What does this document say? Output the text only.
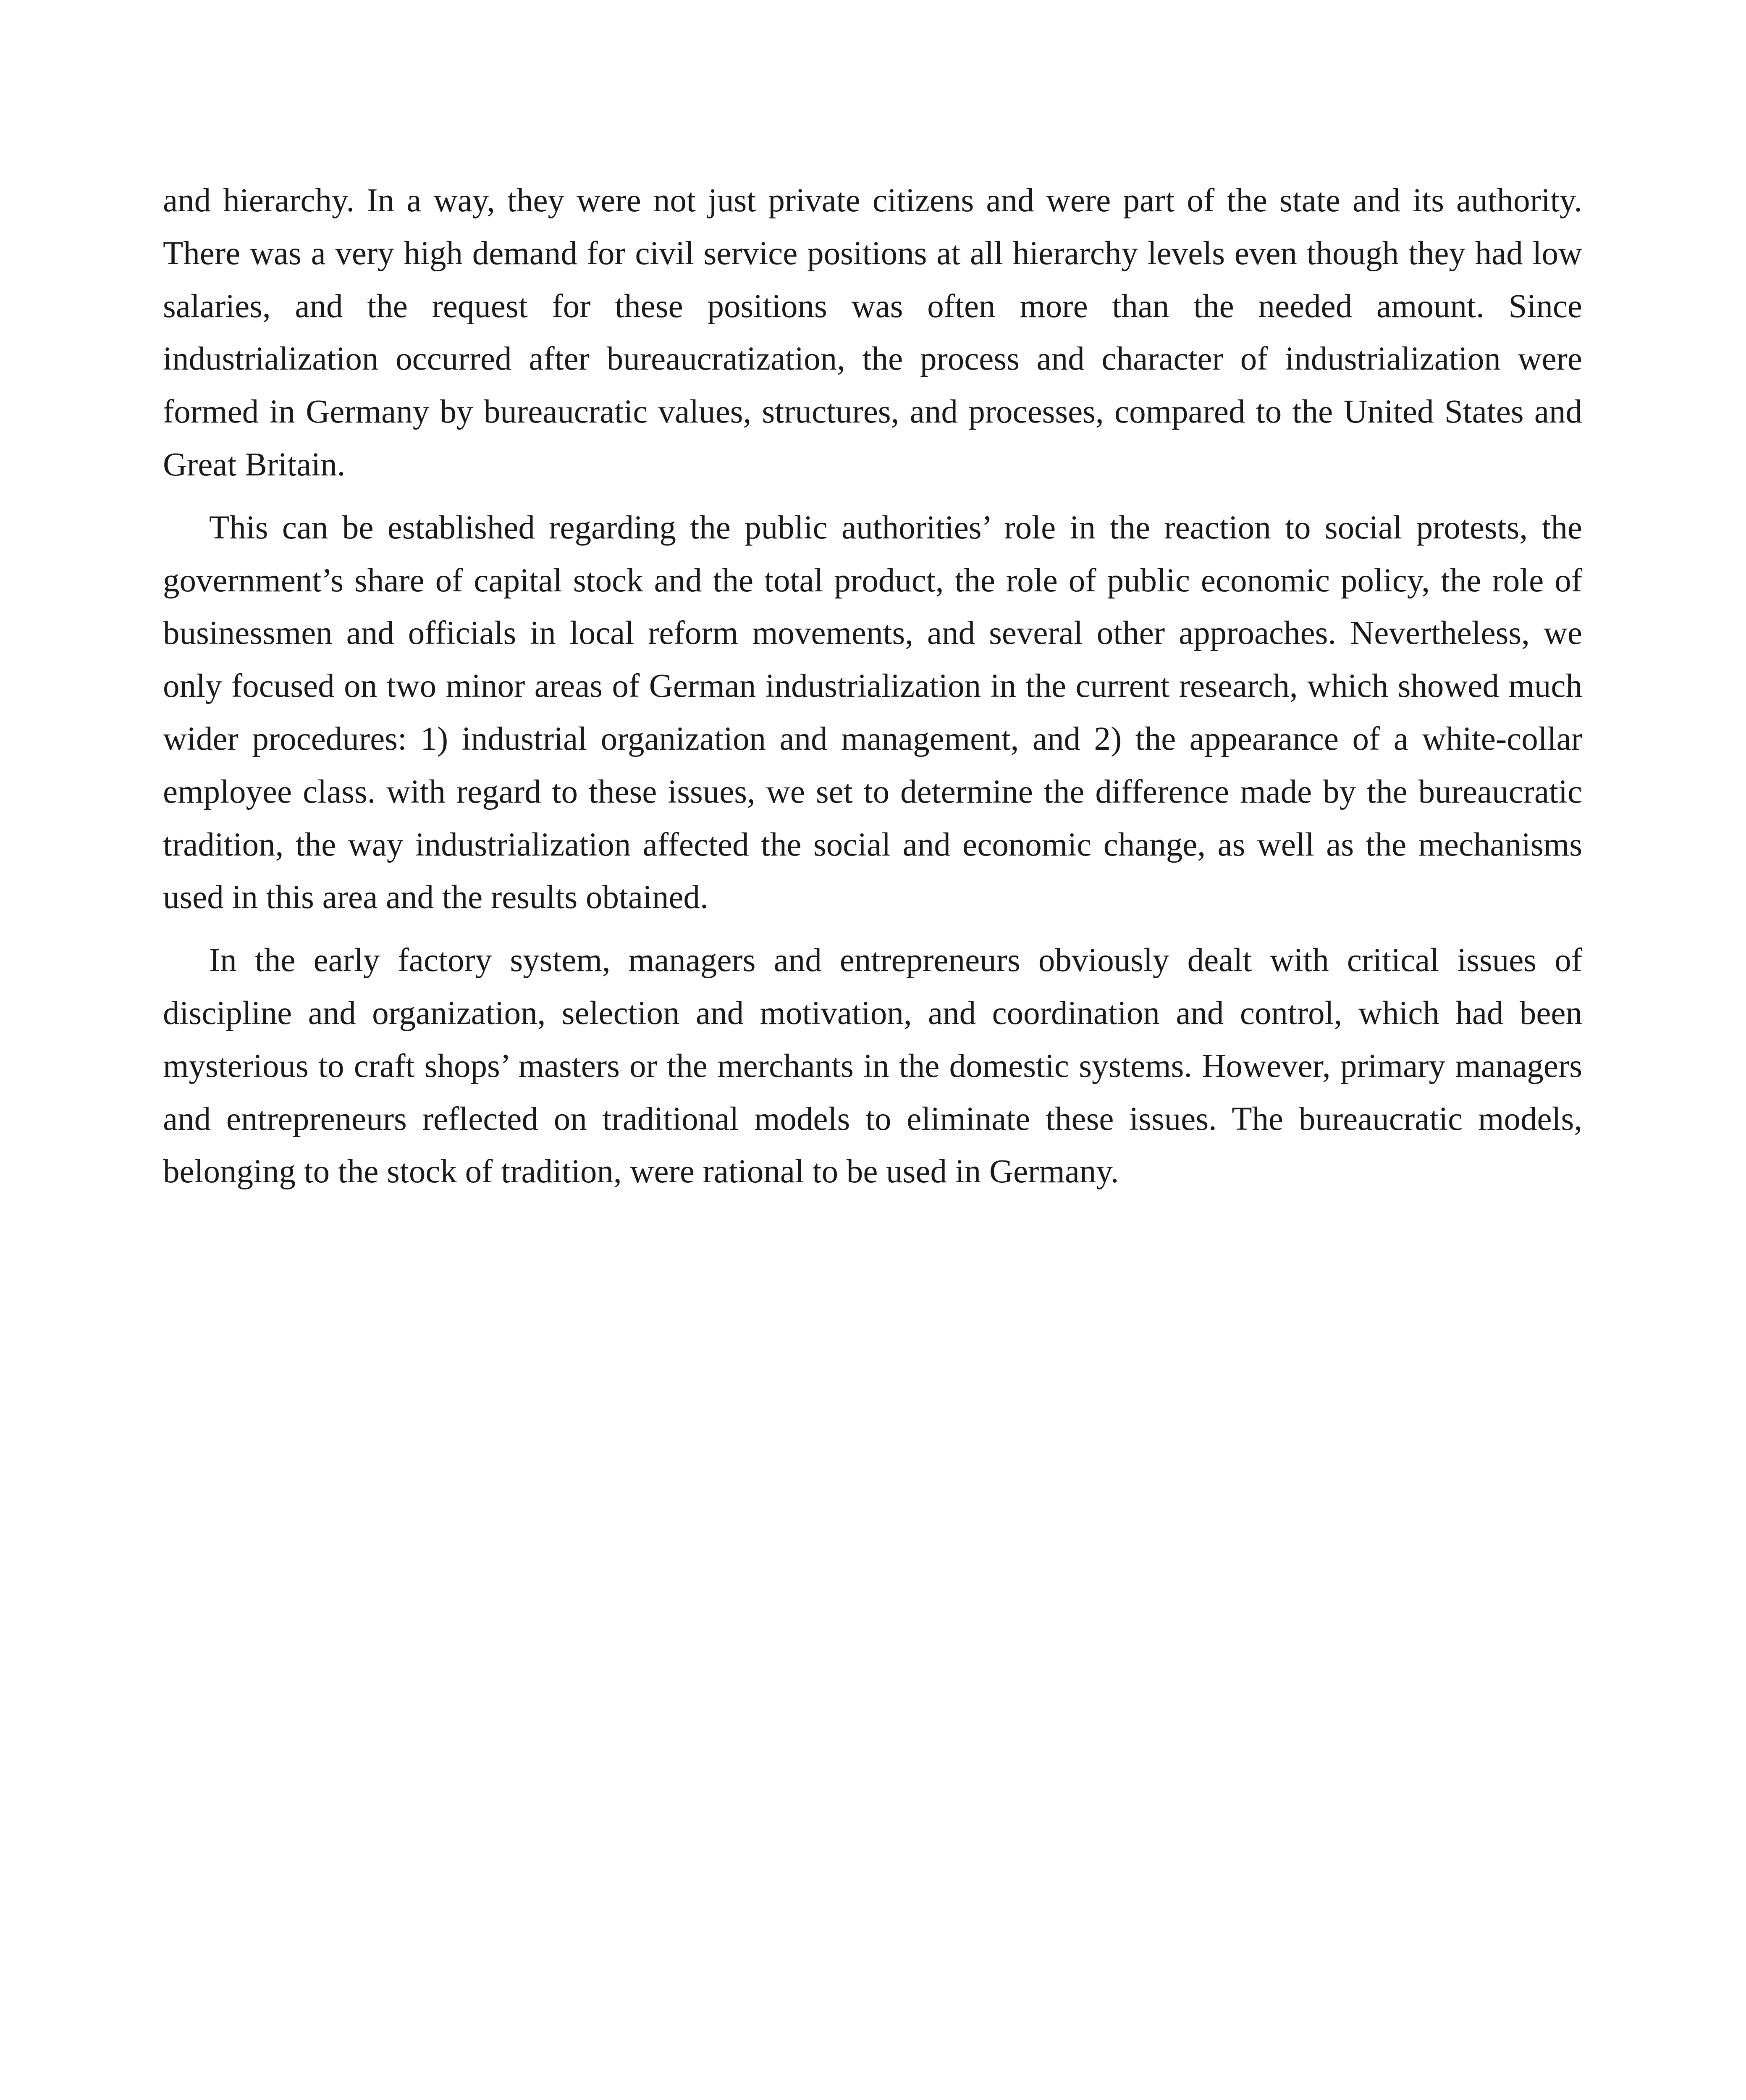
and hierarchy. In a way, they were not just private citizens and were part of the state and its authority. There was a very high demand for civil service positions at all hierarchy levels even though they had low salaries, and the request for these positions was often more than the needed amount. Since industrialization occurred after bureaucratization, the process and character of industrialization were formed in Germany by bureaucratic values, structures, and processes, compared to the United States and Great Britain.

This can be established regarding the public authorities’ role in the reaction to social protests, the government’s share of capital stock and the total product, the role of public economic policy, the role of businessmen and officials in local reform movements, and several other approaches. Nevertheless, we only focused on two minor areas of German industrialization in the current research, which showed much wider procedures: 1) industrial organization and management, and 2) the appearance of a white-collar employee class. with regard to these issues, we set to determine the difference made by the bureaucratic tradition, the way industrialization affected the social and economic change, as well as the mechanisms used in this area and the results obtained.

In the early factory system, managers and entrepreneurs obviously dealt with critical issues of discipline and organization, selection and motivation, and coordination and control, which had been mysterious to craft shops’ masters or the merchants in the domestic systems. However, primary managers and entrepreneurs reflected on traditional models to eliminate these issues. The bureaucratic models, belonging to the stock of tradition, were rational to be used in Germany.
